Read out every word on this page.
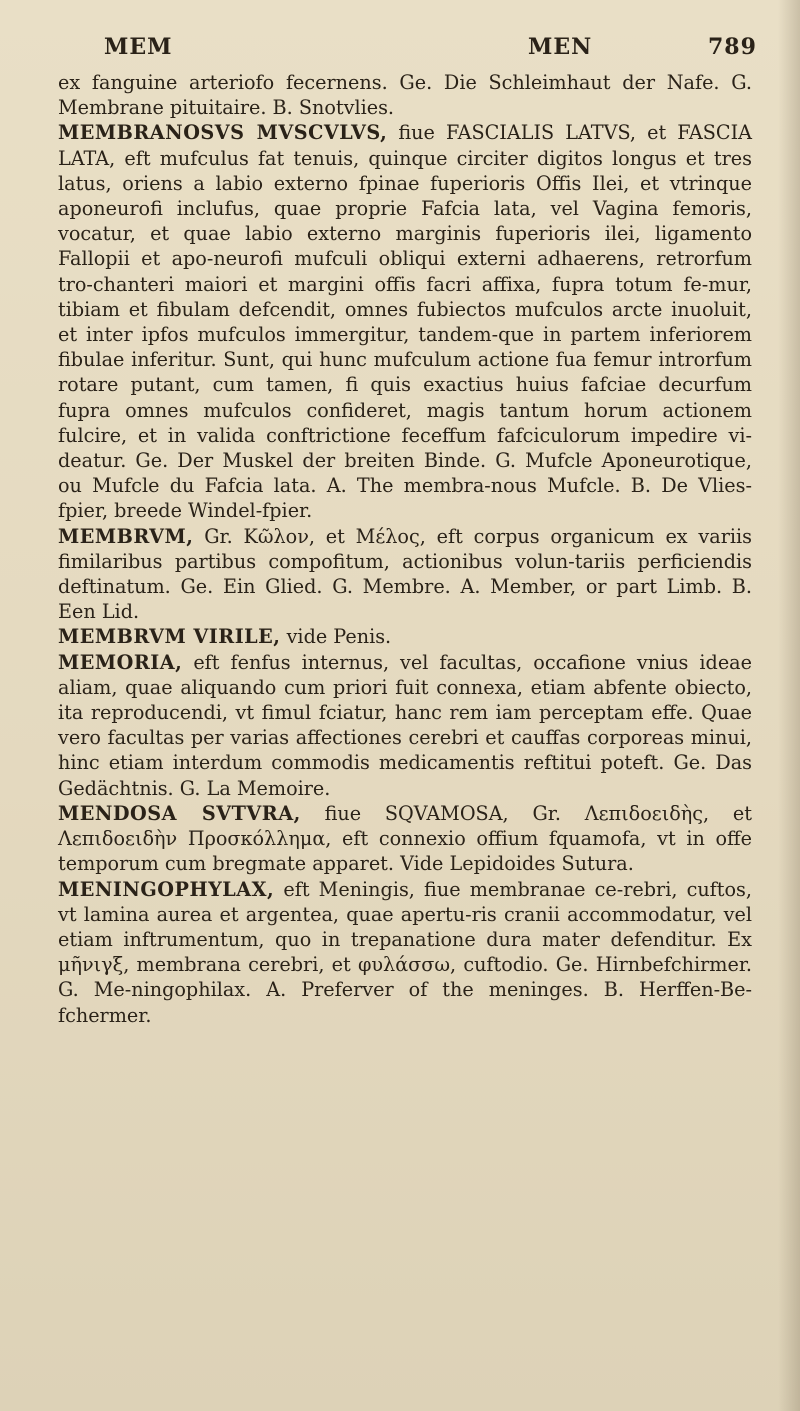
MEM	MEN	789

ex fanguine arteriofo fecernens. Ge. Die Schleimhaut der Nafe. G. Membrane pituitaire. B. Snotvlies.

MEMBRANOSVS MVSCVLVS, fiue FASCIALIS LATVS, et FASCIA LATA, eft mufculus fat tenuis, quinque circiter digitos longus et tres latus, oriens a labio externo fpinae fuperioris Offis Ilei, et vtrinque aponeurofi inclufus, quae proprie Fafcia lata, vel Vagina femoris, vocatur, et quae labio externo marginis fuperioris ilei, ligamento Fallopii et apo-neurofi mufculi obliqui externi adhaerens, retrorfum tro-chanteri maiori et margini offis facri affixa, fupra totum fe-mur, tibiam et fibulam defcendit, omnes fubiectos mufculos arcte inuoluit, et inter ipfos mufculos immergitur, tandem-que in partem inferiorem fibulae inferitur. Sunt, qui hunc mufculum actione fua femur introrfum rotare putant, cum tamen, fi quis exactius huius fafciae decurfum fupra omnes mufculos confideret, magis tantum horum actionem fulcire, et in valida conftrictione feceffum fafciculorum impedire vi-deatur. Ge. Der Muskel der breiten Binde. G. Mufcle Aponeurotique, ou Mufcle du Fafcia lata. A. The membra-nous Mufcle. B. De Vlies-fpier, breede Windel-fpier.

MEMBRVM, Gr. Κῶλον, et Μέλος, eft corpus organicum ex variis fimilaribus partibus compofitum, actionibus volun-tariis perficiendis deftinatum. Ge. Ein Glied. G. Membre. A. Member, or part Limb. B. Een Lid.

MEMBRVM VIRILE, vide Penis.

MEMORIA, eft fenfus internus, vel facultas, occafione vnius ideae aliam, quae aliquando cum priori fuit connexa, etiam abfente obiecto, ita reproducendi, vt fimul fciatur, hanc rem iam perceptam effe. Quae vero facultas per varias affectiones cerebri et cauffas corporeas minui, hinc etiam interdum commodis medicamentis reftitui poteft. Ge. Das Gedächtnis. G. La Memoire.

MENDOSA SVTVRA, fiue SQVAMOSA, Gr. Λεπιδοειδὴς, et Λεπιδοειδὴν Προσκόλλημα, eft connexio offium fquamofa, vt in offe temporum cum bregmate apparet. Vide Lepidoides Sutura.

MENINGOPHYLAX, eft Meningis, fiue membranae ce-rebri, cuftos, vt lamina aurea et argentea, quae apertu-ris cranii accommodatur, vel etiam inftrumentum, quo in trepanatione dura mater defenditur. Ex μῆνιγξ, membrana cerebri, et φυλάσσω, cuftodio. Ge. Hirnbefchirmer. G. Me-ningophilax. A. Preferver of the meninges. B. Herffen-Be-fchermer.
